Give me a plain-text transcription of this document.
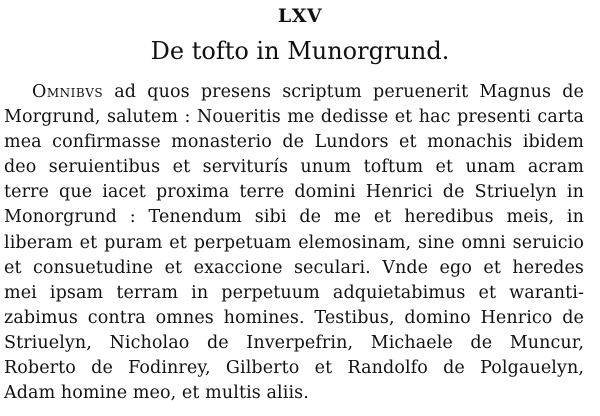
LXV
De tofto in Munorgrund.
Omnibvs ad quos presens scriptum peruenerit Magnus de
Morgrund, salutem : Noueritis me dedisse et hac presenti carta
mea confirmasse monasterio de Lundors et monachis ibidem
deo seruientibus et serviturís unum toftum et unam acram
terre que iacet proxima terre domini Henrici de Striuelyn in
Monorgrund : Tenendum sibi de me et heredibus meis, in
liberam et puram et perpetuam elemosinam, sine omni seruicio
et consuetudine et exaccione seculari. Vnde ego et heredes
mei ipsam terram in perpetuum adquietabimus et waranti-
zabimus contra omnes homines. Testibus, domino Henrico de
Striuelyn, Nicholao de Inverpefrin, Michaele de Muncur,
Roberto de Fodinrey, Gilberto et Randolfo de Polgauelyn,
Adam homine meo, et multis aliis.
